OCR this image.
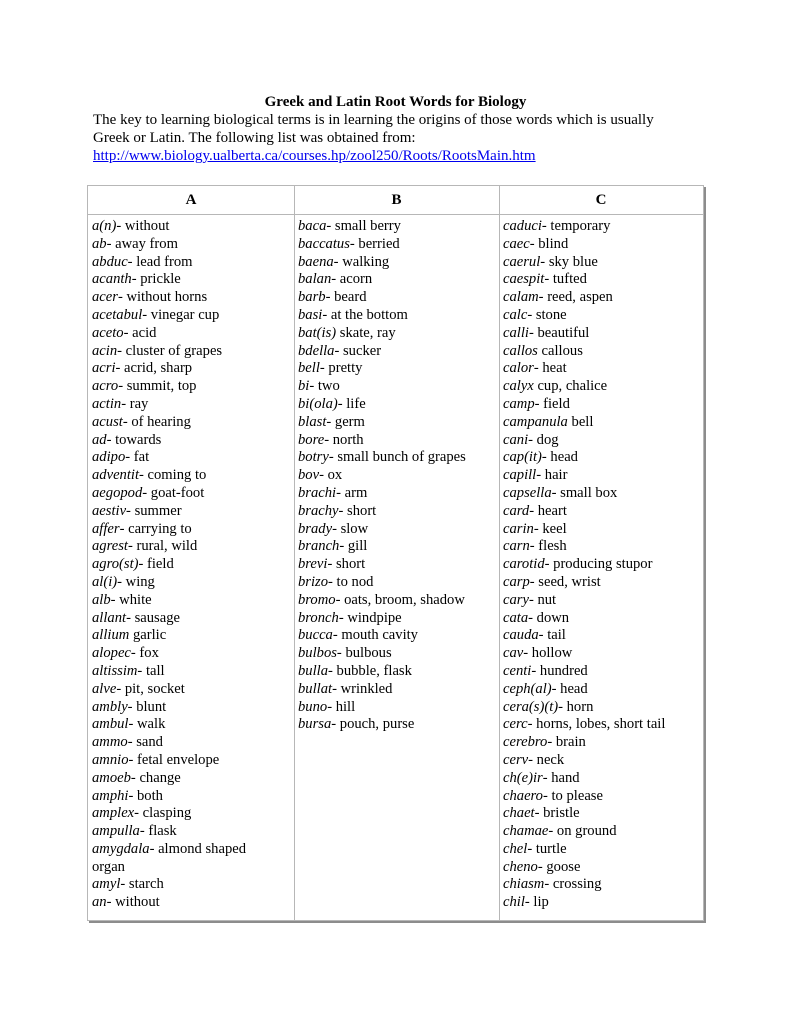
Greek and Latin Root Words for Biology
The key to learning biological terms is in learning the origins of those words which is usually Greek or Latin. The following list was obtained from:
http://www.biology.ualberta.ca/courses.hp/zool250/Roots/RootsMain.htm
A	B	C
a(n)- without
ab- away from
abduc- lead from
acanth- prickle
acer- without horns
acetabul- vinegar cup
aceto- acid
acin- cluster of grapes
acri- acrid, sharp
acro- summit, top
actin- ray
acust- of hearing
ad- towards
adipo- fat
adventit- coming to
aegopod- goat-foot
aestiv- summer
affer- carrying to
agrest- rural, wild
agro(st)- field
al(i)- wing
alb- white
allant- sausage
allium garlic
alopec- fox
altissim- tall
alve- pit, socket
ambly- blunt
ambul- walk
ammo- sand
amnio- fetal envelope
amoeb- change
amphi- both
amplex- clasping
ampulla- flask
amygdala- almond shaped
organ
amyl- starch
an- without
baca- small berry
baccatus- berried
baena- walking
balan- acorn
barb- beard
basi- at the bottom
bat(is) skate, ray
bdella- sucker
bell- pretty
bi- two
bi(ola)- life
blast- germ
bore- north
botry- small bunch of grapes
bov- ox
brachi- arm
brachy- short
brady- slow
branch- gill
brevi- short
brizo- to nod
bromo- oats, broom, shadow
bronch- windpipe
bucca- mouth cavity
bulbos- bulbous
bulla- bubble, flask
bullat- wrinkled
buno- hill
bursa- pouch, purse
caduci- temporary
caec- blind
caerul- sky blue
caespit- tufted
calam- reed, aspen
calc- stone
calli- beautiful
callos callous
calor- heat
calyx cup, chalice
camp- field
campanula bell
cani- dog
cap(it)- head
capill- hair
capsella- small box
card- heart
carin- keel
carn- flesh
carotid- producing stupor
carp- seed, wrist
cary- nut
cata- down
cauda- tail
cav- hollow
centi- hundred
ceph(al)- head
cera(s)(t)- horn
cerc- horns, lobes, short tail
cerebro- brain
cerv- neck
ch(e)ir- hand
chaero- to please
chaet- bristle
chamae- on ground
chel- turtle
cheno- goose
chiasm- crossing
chil- lip
